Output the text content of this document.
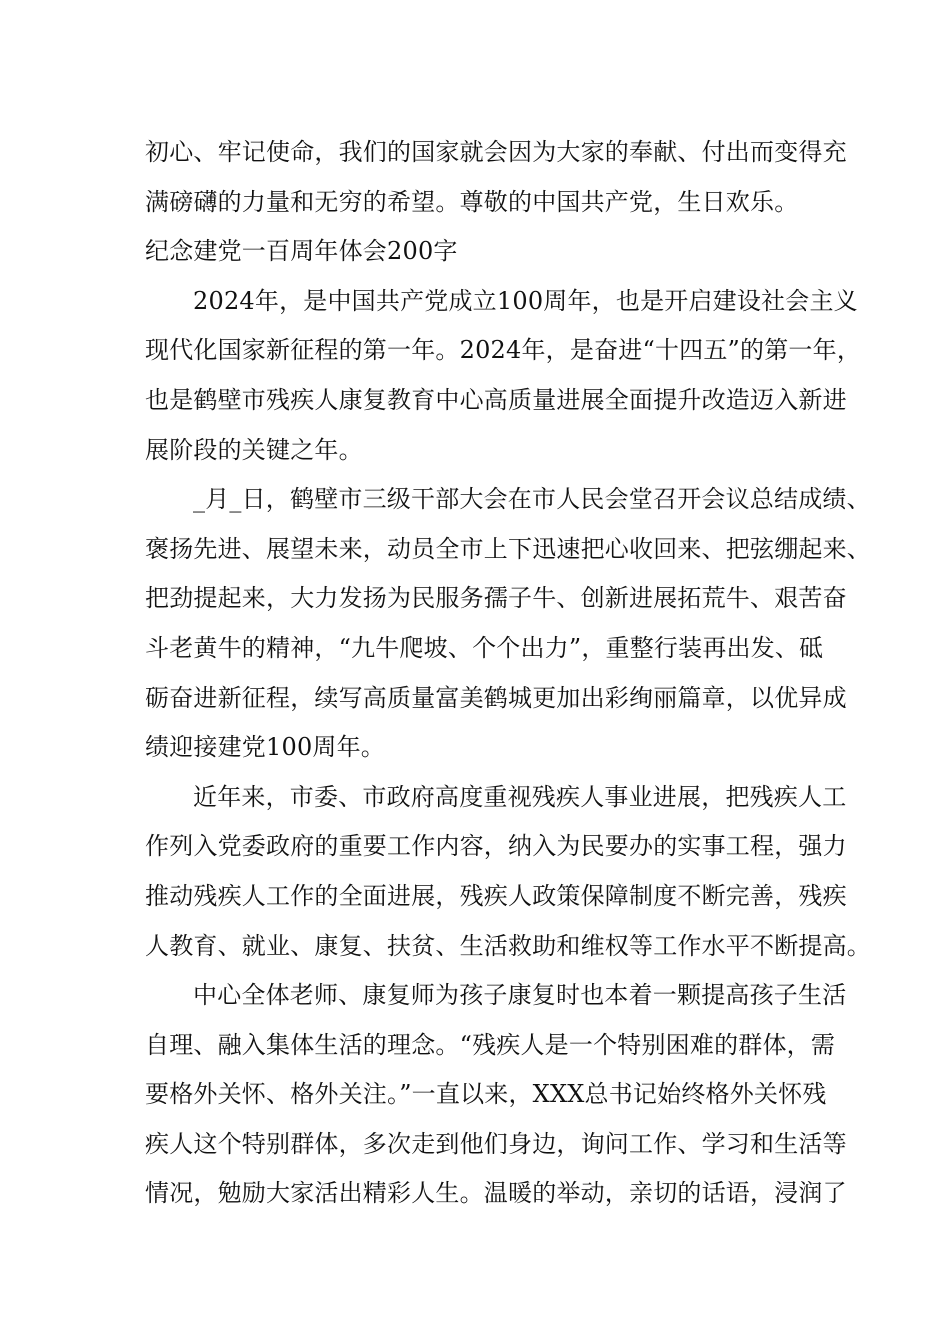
初心、牢记使命，我们的国家就会因为大家的奉献、付出而变得充
满磅礴的力量和无穷的希望。尊敬的中国共产党，生日欢乐。
纪念建党一百周年体会200字
2024年，是中国共产党成立100周年，也是开启建设社会主义
现代化国家新征程的第一年。2024年，是奋进“十四五”的第一年，
也是鹤壁市残疾人康复教育中心高质量进展全面提升改造迈入新进
展阶段的关键之年。
_月_日，鹤壁市三级干部大会在市人民会堂召开会议总结成绩、
褒扬先进、展望未来，动员全市上下迅速把心收回来、把弦绷起来、
把劲提起来，大力发扬为民服务孺子牛、创新进展拓荒牛、艰苦奋
斗老黄牛的精神，“九牛爬坡、个个出力”，重整行装再出发、砥
砺奋进新征程，续写高质量富美鹤城更加出彩绚丽篇章，以优异成
绩迎接建党100周年。
近年来，市委、市政府高度重视残疾人事业进展，把残疾人工
作列入党委政府的重要工作内容，纳入为民要办的实事工程，强力
推动残疾人工作的全面进展，残疾人政策保障制度不断完善，残疾
人教育、就业、康复、扶贫、生活救助和维权等工作水平不断提高。
中心全体老师、康复师为孩子康复时也本着一颗提高孩子生活
自理、融入集体生活的理念。“残疾人是一个特别困难的群体，需
要格外关怀、格外关注。”一直以来，XXX总书记始终格外关怀残
疾人这个特别群体，多次走到他们身边，询问工作、学习和生活等
情况，勉励大家活出精彩人生。温暖的举动，亲切的话语，浸润了
